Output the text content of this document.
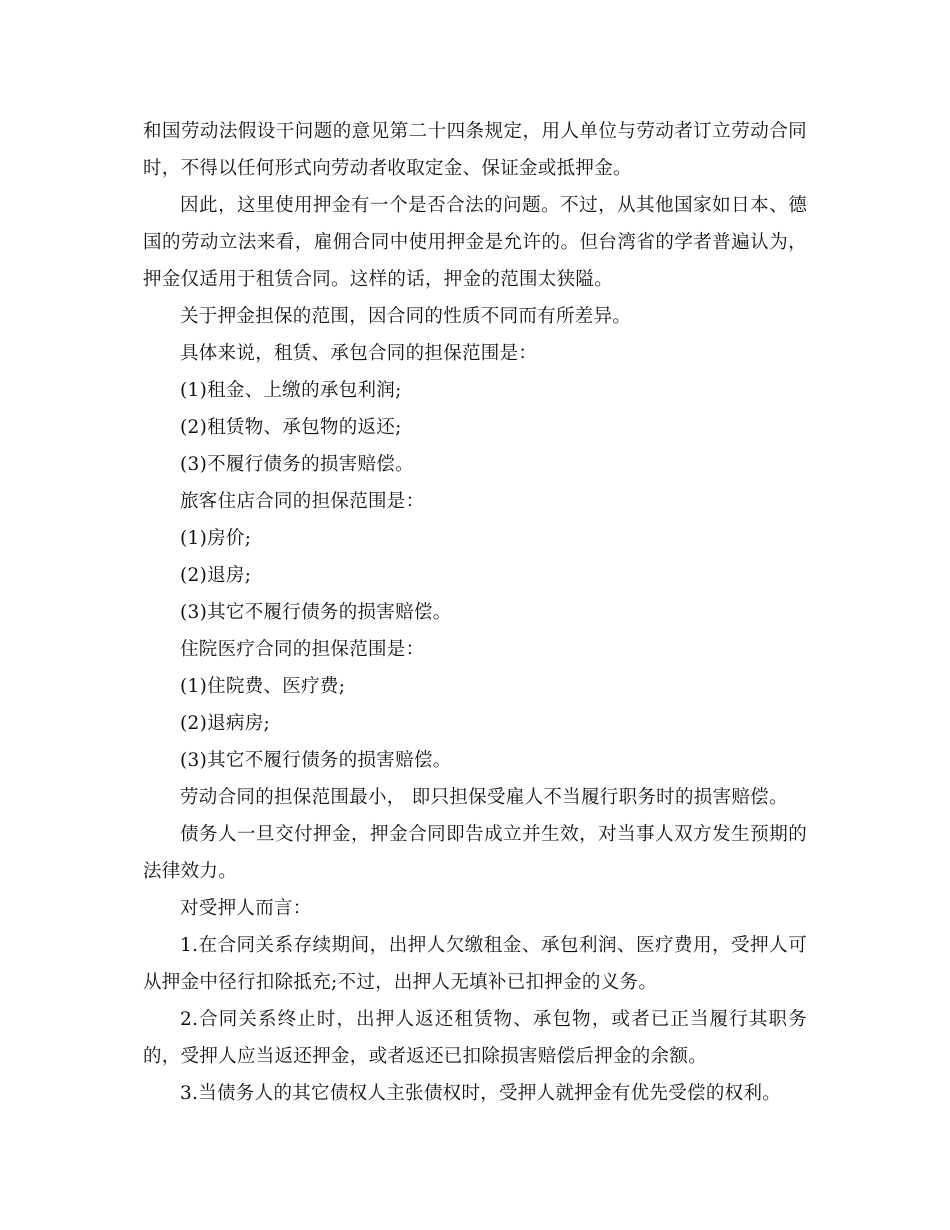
和国劳动法假设干问题的意见第二十四条规定，用人单位与劳动者订立劳动合同时，不得以任何形式向劳动者收取定金、保证金或抵押金。

因此，这里使用押金有一个是否合法的问题。不过，从其他国家如日本、德国的劳动立法来看，雇佣合同中使用押金是允许的。但台湾省的学者普遍认为，押金仅适用于租赁合同。这样的话，押金的范围太狭隘。

关于押金担保的范围，因合同的性质不同而有所差异。

具体来说，租赁、承包合同的担保范围是：

(1)租金、上缴的承包利润;

(2)租赁物、承包物的返还;

(3)不履行债务的损害赔偿。

旅客住店合同的担保范围是：

(1)房价;

(2)退房;

(3)其它不履行债务的损害赔偿。

住院医疗合同的担保范围是：

(1)住院费、医疗费;

(2)退病房;

(3)其它不履行债务的损害赔偿。

劳动合同的担保范围最小， 即只担保受雇人不当履行职务时的损害赔偿。

债务人一旦交付押金，押金合同即告成立并生效，对当事人双方发生预期的法律效力。

对受押人而言：

1.在合同关系存续期间，出押人欠缴租金、承包利润、医疗费用，受押人可从押金中径行扣除抵充;不过，出押人无填补已扣押金的义务。

2.合同关系终止时，出押人返还租赁物、承包物，或者已正当履行其职务的，受押人应当返还押金，或者返还已扣除损害赔偿后押金的余额。

3.当债务人的其它债权人主张债权时，受押人就押金有优先受偿的权利。
